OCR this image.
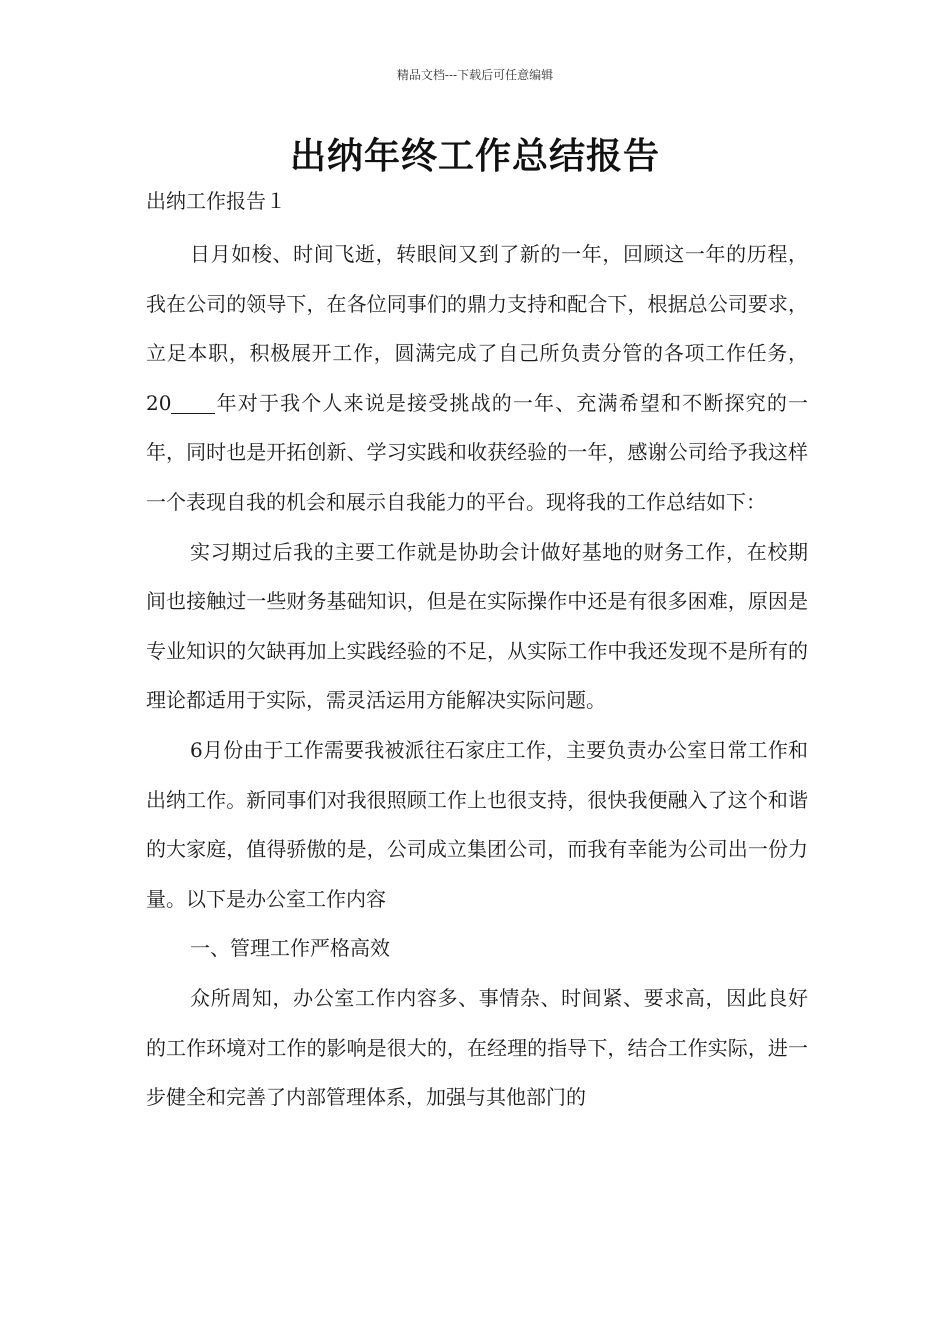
精品文档---下载后可任意编辑
出纳年终工作总结报告
出纳工作报告１

日月如梭、时间飞逝，转眼间又到了新的一年，回顾这一年的历程，我在公司的领导下，在各位同事们的鼎力支持和配合下，根据总公司要求，立足本职，积极展开工作，圆满完成了自己所负责分管的各项工作任务，20 年对于我个人来说是接受挑战的一年、充满希望和不断探究的一年，同时也是开拓创新、学习实践和收获经验的一年，感谢公司给予我这样一个表现自我的机会和展示自我能力的平台。现将我的工作总结如下：

实习期过后我的主要工作就是协助会计做好基地的财务工作，在校期间也接触过一些财务基础知识，但是在实际操作中还是有很多困难，原因是专业知识的欠缺再加上实践经验的不足，从实际工作中我还发现不是所有的理论都适用于实际，需灵活运用方能解决实际问题。

6月份由于工作需要我被派往石家庄工作，主要负责办公室日常工作和出纳工作。新同事们对我很照顾工作上也很支持，很快我便融入了这个和谐的大家庭，值得骄傲的是，公司成立集团公司，而我有幸能为公司出一份力量。以下是办公室工作内容

一、管理工作严格高效

众所周知，办公室工作内容多、事情杂、时间紧、要求高，因此良好的工作环境对工作的影响是很大的，在经理的指导下，结合工作实际，进一步健全和完善了内部管理体系，加强与其他部门的
